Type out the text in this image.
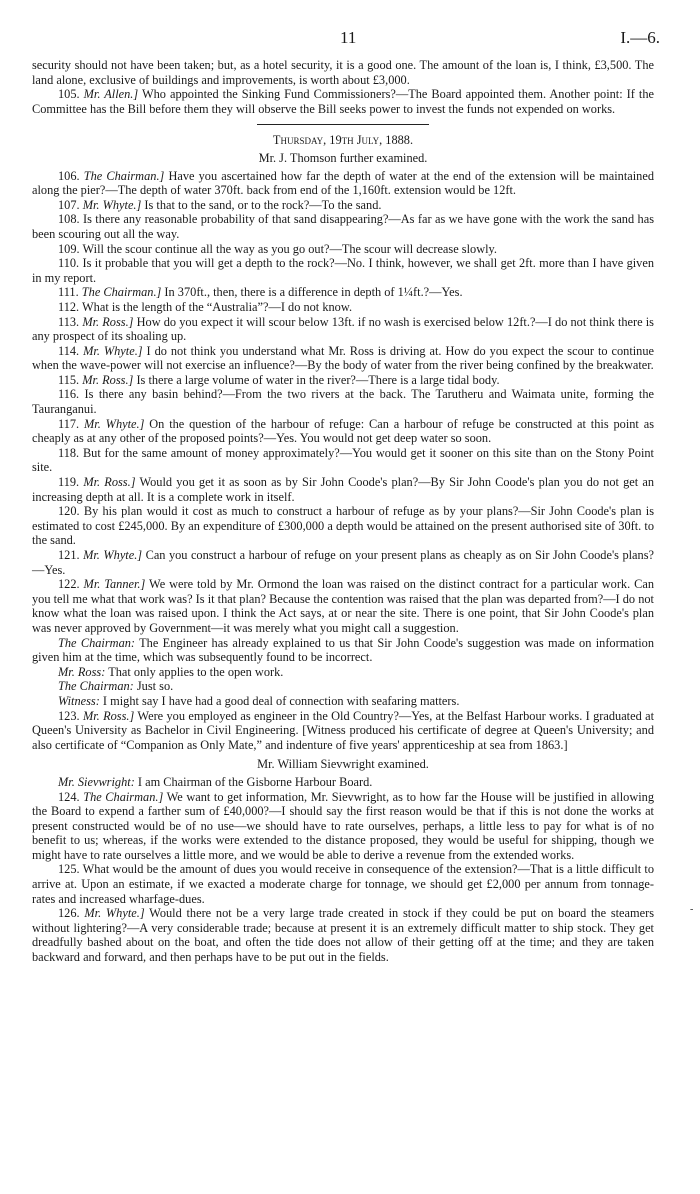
11	I.—6.

security should not have been taken; but, as a hotel security, it is a good one. The amount of the loan is, I think, £3,500. The land alone, exclusive of buildings and improvements, is worth about £3,000.

105. Mr. Allen.] Who appointed the Sinking Fund Commissioners?—The Board appointed them. Another point: If the Committee has the Bill before them they will observe the Bill seeks power to invest the funds not expended on works.

Thursday, 19th July, 1888.

Mr. J. Thomson further examined.

106. The Chairman.] Have you ascertained how far the depth of water at the end of the extension will be maintained along the pier?—The depth of water 370ft. back from end of the 1,160ft. extension would be 12ft.

107. Mr. Whyte.] Is that to the sand, or to the rock?—To the sand.

108. Is there any reasonable probability of that sand disappearing?—As far as we have gone with the work the sand has been scouring out all the way.

109. Will the scour continue all the way as you go out?—The scour will decrease slowly.

110. Is it probable that you will get a depth to the rock?—No. I think, however, we shall get 2ft. more than I have given in my report.

111. The Chairman.] In 370ft., then, there is a difference in depth of 1¼ft.?—Yes.

112. What is the length of the “Australia”?—I do not know.

113. Mr. Ross.] How do you expect it will scour below 13ft. if no wash is exercised below 12ft.?—I do not think there is any prospect of its shoaling up.

114. Mr. Whyte.] I do not think you understand what Mr. Ross is driving at. How do you expect the scour to continue when the wave-power will not exercise an influence?—By the body of water from the river being confined by the breakwater.

115. Mr. Ross.] Is there a large volume of water in the river?—There is a large tidal body.

116. Is there any basin behind?—From the two rivers at the back. The Tarutheru and Waimata unite, forming the Tauranganui.

117. Mr. Whyte.] On the question of the harbour of refuge: Can a harbour of refuge be constructed at this point as cheaply as at any other of the proposed points?—Yes. You would not get deep water so soon.

118. But for the same amount of money approximately?—You would get it sooner on this site than on the Stony Point site.

119. Mr. Ross.] Would you get it as soon as by Sir John Coode's plan?—By Sir John Coode's plan you do not get an increasing depth at all. It is a complete work in itself.

120. By his plan would it cost as much to construct a harbour of refuge as by your plans?—Sir John Coode's plan is estimated to cost £245,000. By an expenditure of £300,000 a depth would be attained on the present authorised site of 30ft. to the sand.

121. Mr. Whyte.] Can you construct a harbour of refuge on your present plans as cheaply as on Sir John Coode's plans?—Yes.

122. Mr. Tanner.] We were told by Mr. Ormond the loan was raised on the distinct contract for a particular work. Can you tell me what that work was? Is it that plan? Because the contention was raised that the plan was departed from?—I do not know what the loan was raised upon. I think the Act says, at or near the site. There is one point, that Sir John Coode's plan was never approved by Government—it was merely what you might call a suggestion.

The Chairman: The Engineer has already explained to us that Sir John Coode's suggestion was made on information given him at the time, which was subsequently found to be incorrect.

Mr. Ross: That only applies to the open work.

The Chairman: Just so.

Witness: I might say I have had a good deal of connection with seafaring matters.

123. Mr. Ross.] Were you employed as engineer in the Old Country?—Yes, at the Belfast Harbour works. I graduated at Queen's University as Bachelor in Civil Engineering. [Witness produced his certificate of degree at Queen's University; and also certificate of “Companion as Only Mate,” and indenture of five years' apprenticeship at sea from 1863.]

Mr. William Sievwright examined.

Mr. Sievwright: I am Chairman of the Gisborne Harbour Board.

124. The Chairman.] We want to get information, Mr. Sievwright, as to how far the House will be justified in allowing the Board to expend a farther sum of £40,000?—I should say the first reason would be that if this is not done the works at present constructed would be of no use—we should have to rate ourselves, perhaps, a little less to pay for what is of no benefit to us; whereas, if the works were extended to the distance proposed, they would be useful for shipping, though we might have to rate ourselves a little more, and we would be able to derive a revenue from the extended works.

125. What would be the amount of dues you would receive in consequence of the extension?—That is a little difficult to arrive at. Upon an estimate, if we exacted a moderate charge for tonnage, we should get £2,000 per annum from tonnage-rates and increased wharfage-dues.

126. Mr. Whyte.] Would there not be a very large trade created in stock if they could be put on board the steamers without lightering?—A very considerable trade; because at present it is an extremely difficult matter to ship stock. They get dreadfully bashed about on the boat, and often the tide does not allow of their getting off at the time; and they are taken backward and forward, and then perhaps have to be put out in the fields.

-
